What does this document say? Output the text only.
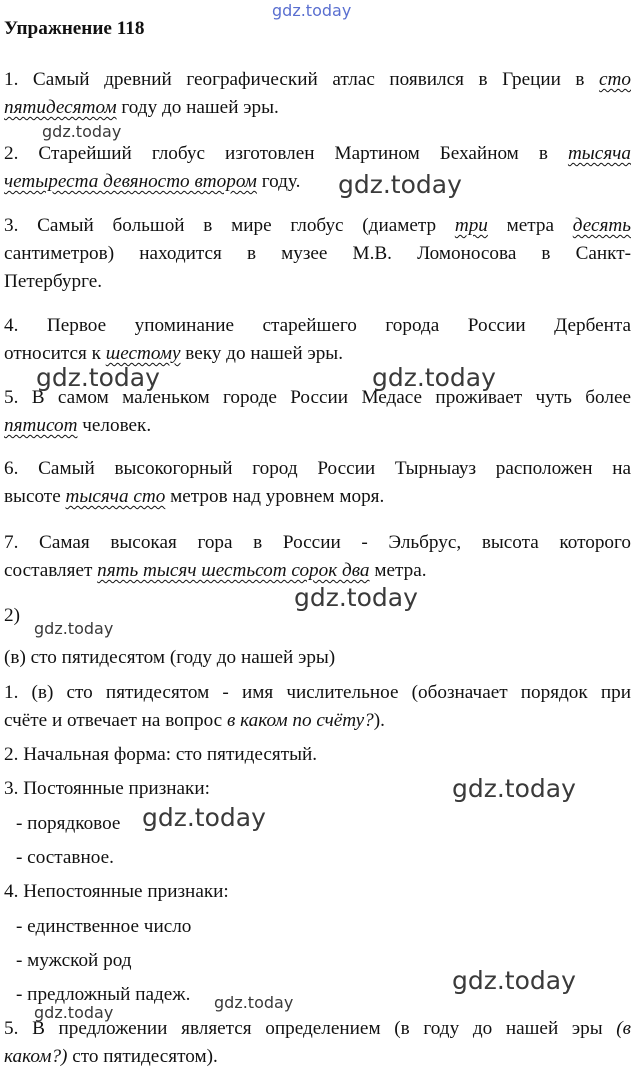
gdz.today
gdz.today
gdz.today
gdz.today	gdz.today
gdz.today
gdz.today
gdz.today
gdz.today
gdz.today
gdz.today
gdz.today
Упражнение 118
1. Самый древний географический атлас появился в Греции в сто
пятидесятом году до нашей эры.
2. Старейший глобус изготовлен Мартином Бехайном в тысяча
четыреста девяносто втором году.
3. Самый большой в мире глобус (диаметр три метра десять
сантиметров) находится в музее М.В. Ломоносова в Санкт-
Петербурге.
4. Первое упоминание старейшего города России Дербента
относится к шестому веку до нашей эры.
5. В самом маленьком городе России Медасе проживает чуть более
пятисот человек.
6. Самый высокогорный город России Тырныауз расположен на
высоте тысяча сто метров над уровнем моря.
7. Самая высокая гора в России - Эльбрус, высота которого
составляет пять тысяч шестьсот сорок два метра.
2)
(в) сто пятидесятом (году до нашей эры)
1. (в) сто пятидесятом - имя числительное (обозначает порядок при
счёте и отвечает на вопрос в каком по счёту?).
2. Начальная форма: сто пятидесятый.
3. Постоянные признаки:
- порядковое
- составное.
4. Непостоянные признаки:
- единственное число
- мужской род
- предложный падеж.
5. В предложении является определением (в году до нашей эры (в
каком?) сто пятидесятом).
